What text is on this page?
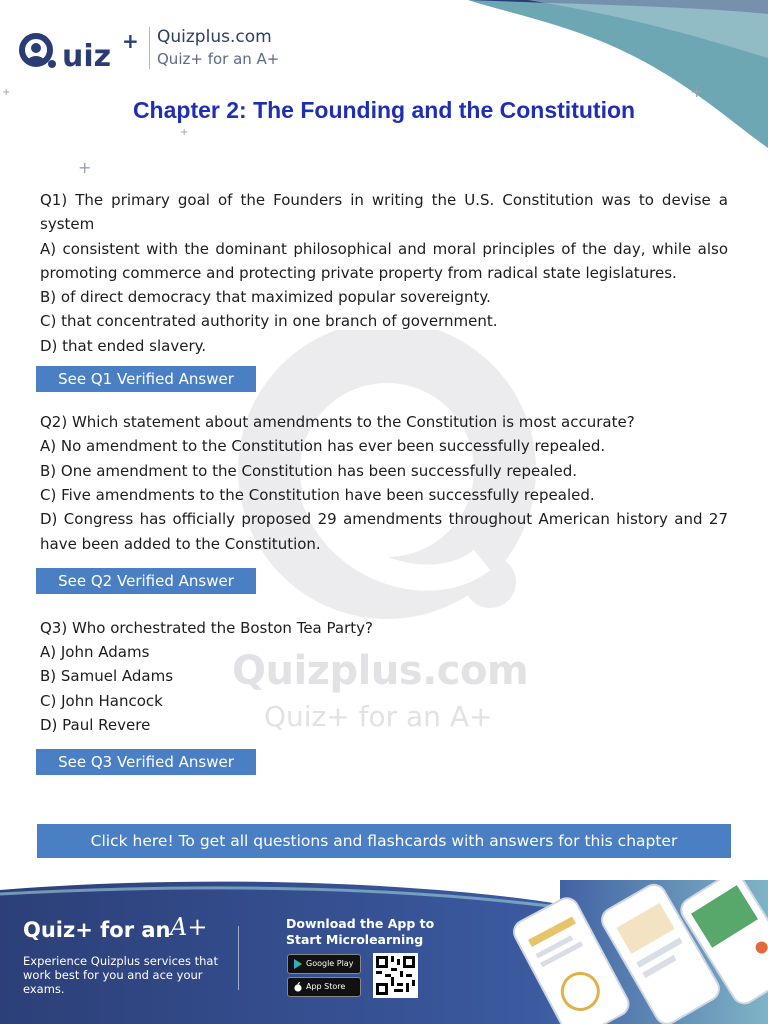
Quizplus.com
Quiz+ for an A+
+
+
+
+
uiz + Quizplus.com
Quiz+ for an A+
Chapter 2: The Founding and the Constitution

Q1) The primary goal of the Founders in writing the U.S. Constitution was to devise a system

A) consistent with the dominant philosophical and moral principles of the day, while also promoting commerce and protecting private property from radical state legislatures.

B) of direct democracy that maximized popular sovereignty.

C) that concentrated authority in one branch of government.

D) that ended slavery.

See Q1 Verified Answer

Q2) Which statement about amendments to the Constitution is most accurate?

A) No amendment to the Constitution has ever been successfully repealed.

B) One amendment to the Constitution has been successfully repealed.

C) Five amendments to the Constitution have been successfully repealed.

D) Congress has officially proposed 29 amendments throughout American history and 27 have been added to the Constitution.

See Q2 Verified Answer

Q3) Who orchestrated the Boston Tea Party?

A) John Adams

B) Samuel Adams

C) John Hancock

D) Paul Revere

See Q3 Verified Answer
Click here! To get all questions and flashcards with answers for this chapter
Quiz+ for an A+
Experience Quizplus services that work best for you and ace your exams.
Download the App to Start Microlearning
Google Play
App Store
